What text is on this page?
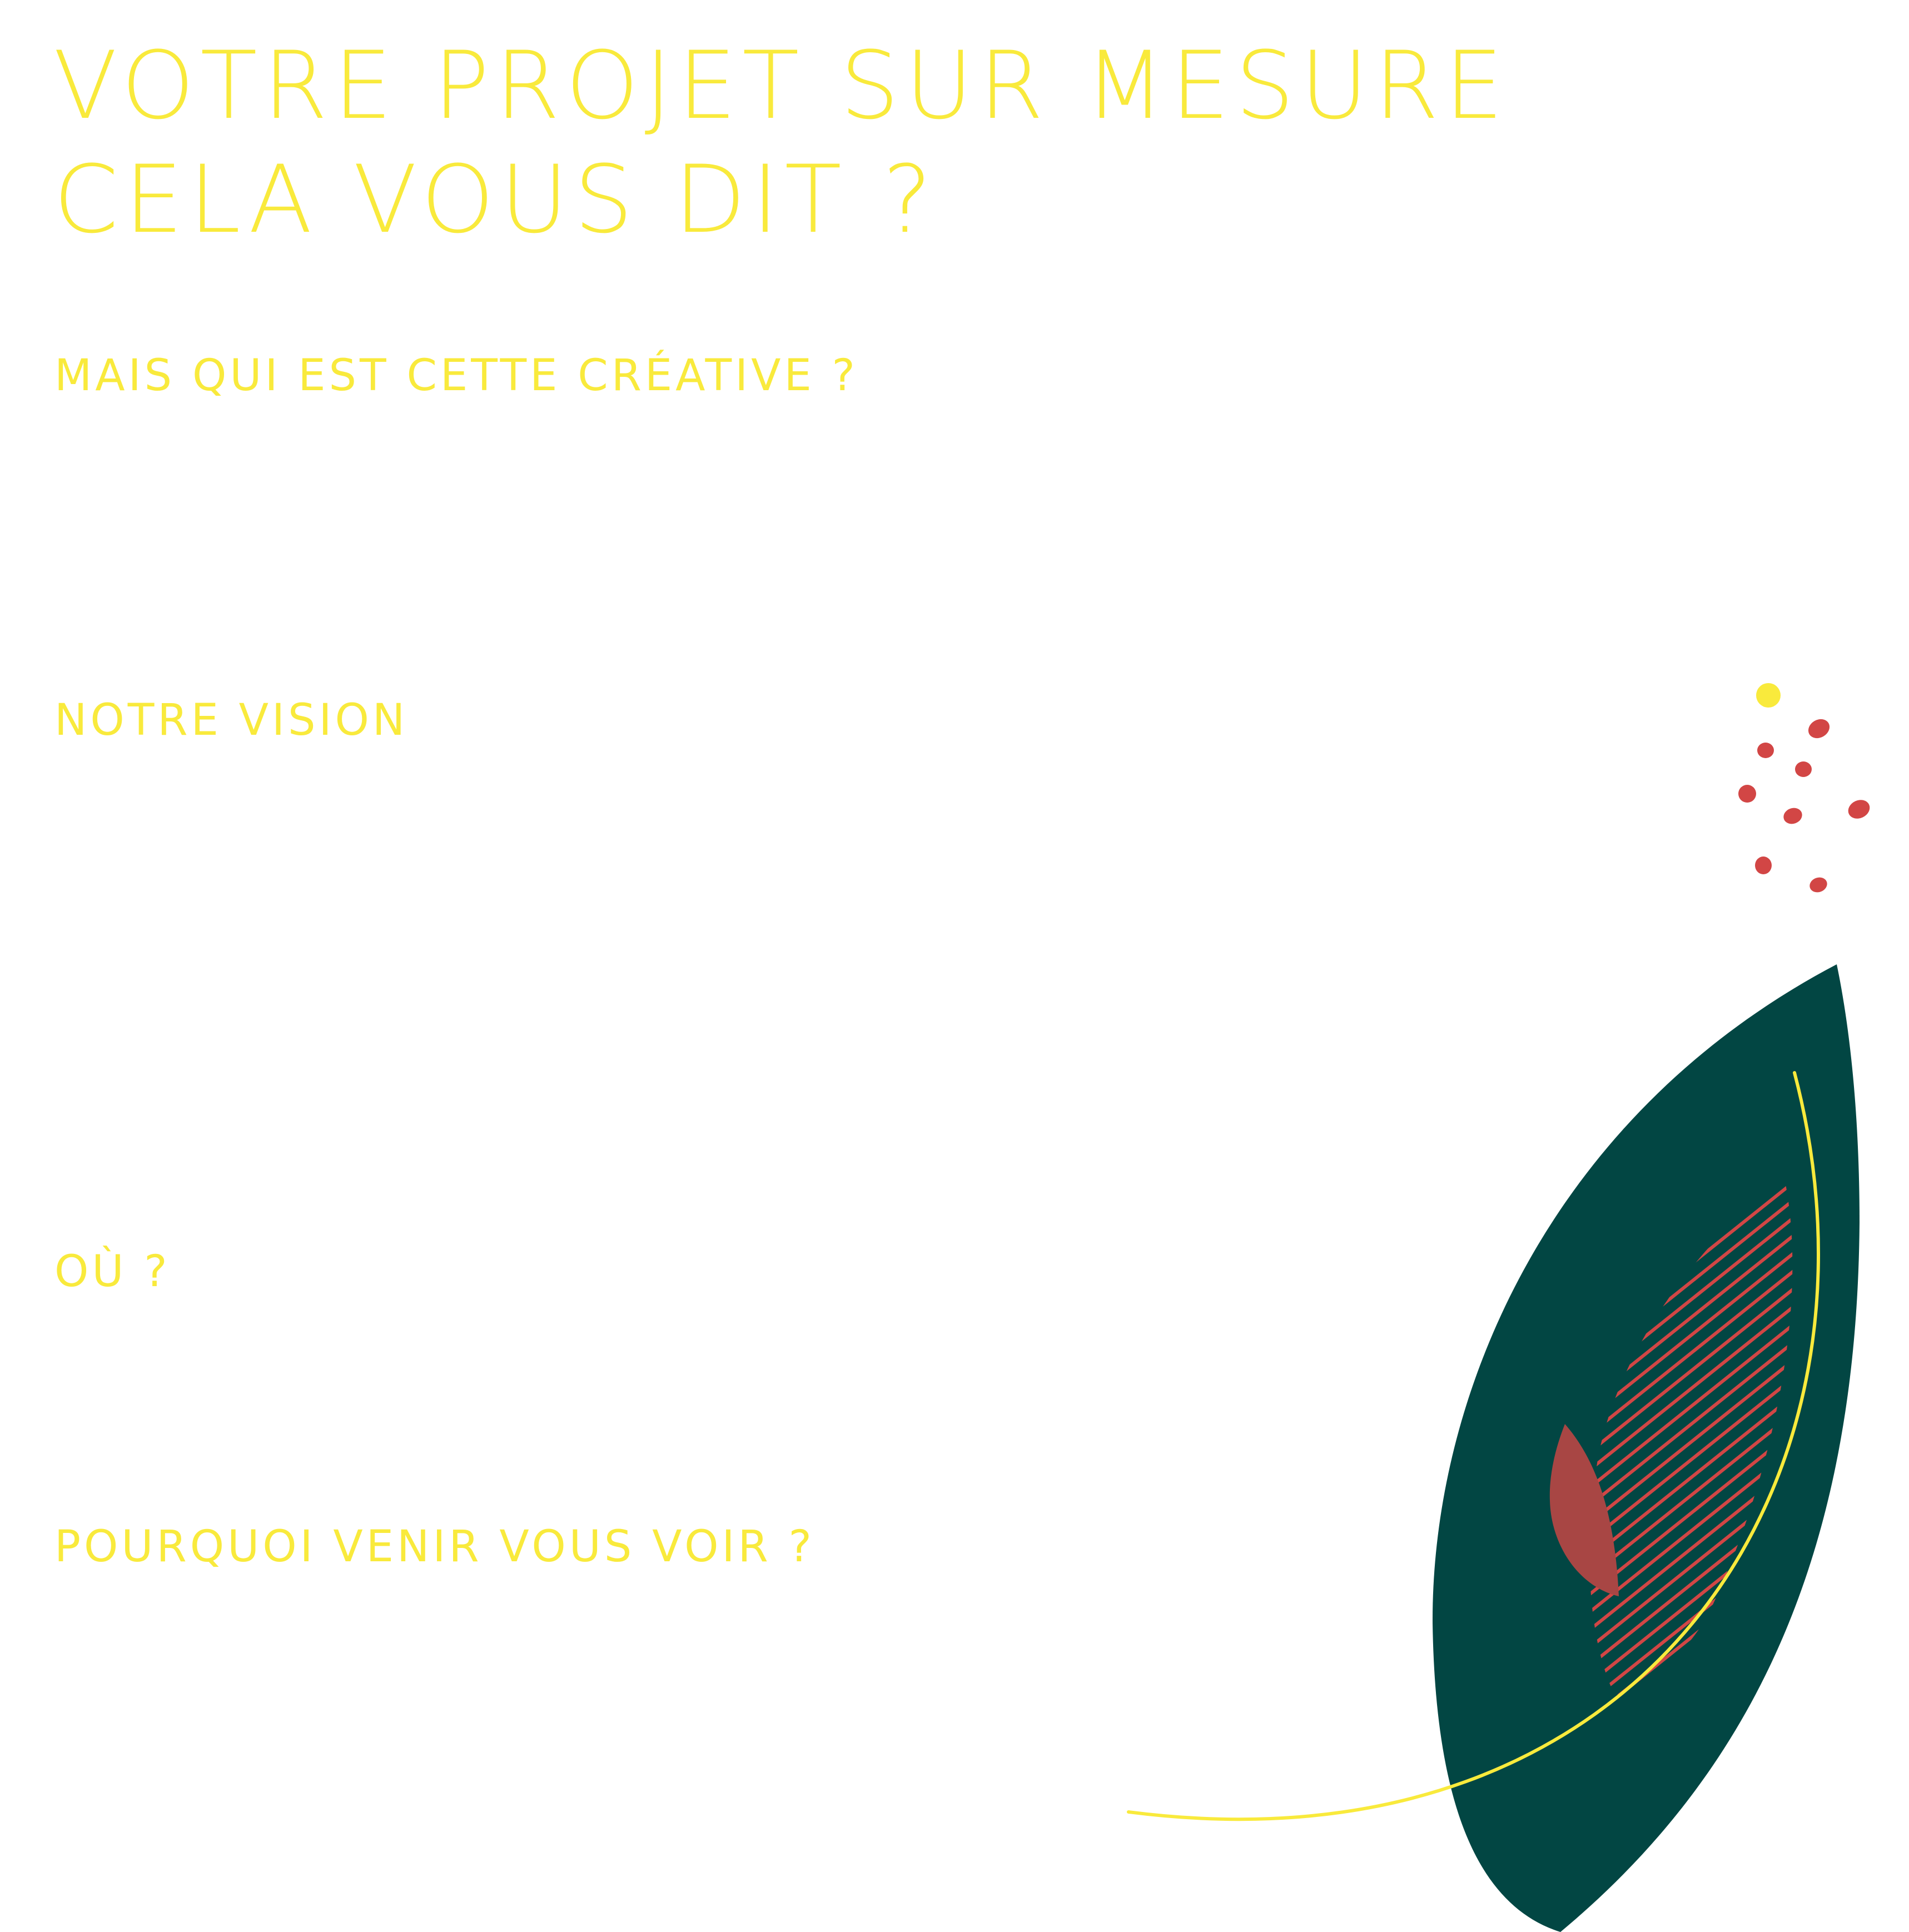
VOTRE PROJET SUR MESURE
CELA VOUS DIT ?
MAIS QUI EST CETTE CRÉATIVE ?
NOTRE VISION
OÙ ?
POURQUOI VENIR VOUS VOIR ?
